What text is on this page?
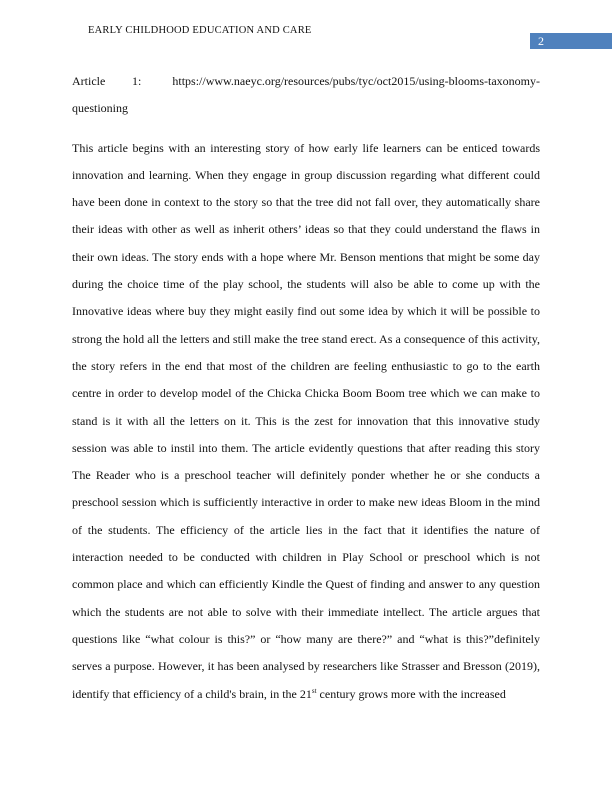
EARLY CHILDHOOD EDUCATION AND CARE
2
Article	1:	https://www.naeyc.org/resources/pubs/tyc/oct2015/using-blooms-taxonomy-
questioning
This article begins with an interesting story of how early life learners can be enticed towards
innovation and learning. When they engage in group discussion regarding what different could
have been done in context to the story so that the tree did not fall over, they automatically share
their ideas with other as well as inherit others’ ideas so that they could understand the flaws in
their own ideas. The story ends with a hope where Mr. Benson mentions that might be some day
during the choice time of the play school, the students will also be able to come up with the
Innovative ideas where buy they might easily find out some idea by which it will be possible to
strong the hold all the letters and still make the tree stand erect. As a consequence of this activity,
the story refers in the end that most of the children are feeling enthusiastic to go to the earth
centre in order to develop model of the Chicka Chicka Boom Boom tree which we can make to
stand is it with all the letters on it. This is the zest for innovation that this innovative study
session was able to instil into them. The article evidently questions that after reading this story
The Reader who is a preschool teacher will definitely ponder whether he or she conducts a
preschool session which is sufficiently interactive in order to make new ideas Bloom in the mind
of the students. The efficiency of the article lies in the fact that it identifies the nature of
interaction needed to be conducted with children in Play School or preschool which is not
common place and which can efficiently Kindle the Quest of finding and answer to any question
which the students are not able to solve with their immediate intellect. The article argues that
questions like “what colour is this?” or “how many are there?” and “what is this?”definitely
serves a purpose. However, it has been analysed by researchers like Strasser and Bresson (2019),
identify that efficiency of a child's brain, in the 21st century grows more with the increased
